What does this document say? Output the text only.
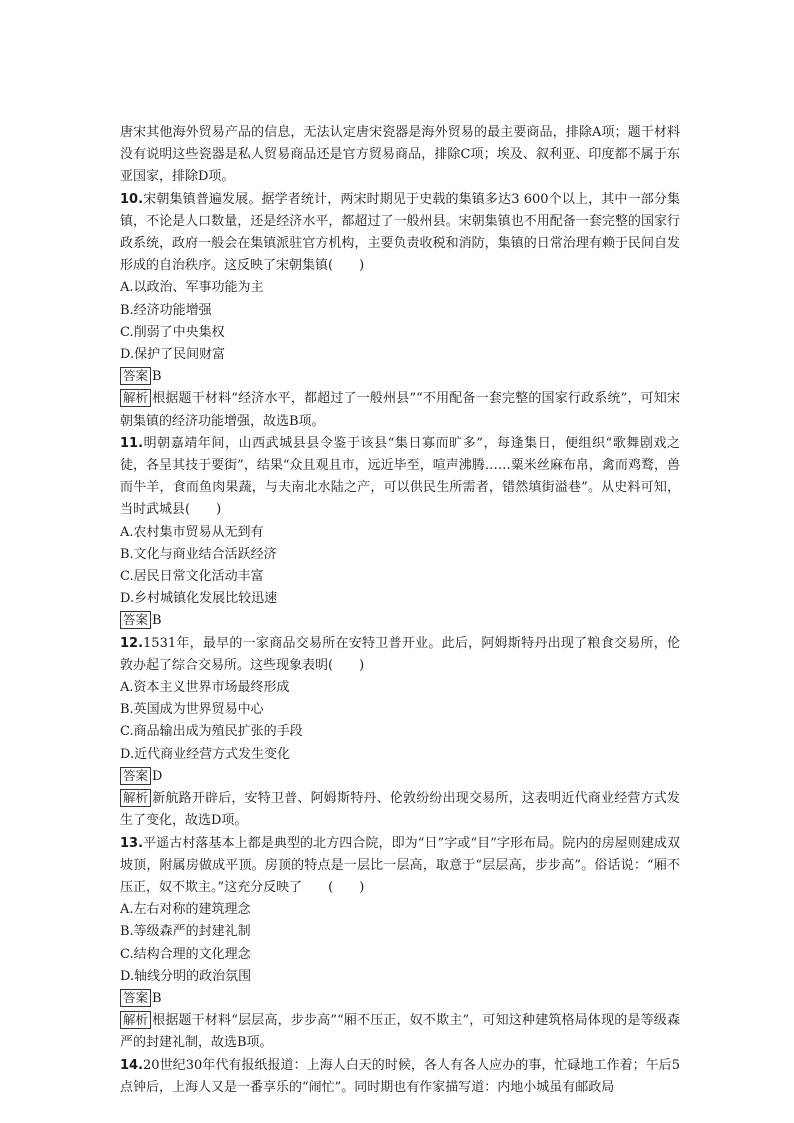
唐宋其他海外贸易产品的信息，无法认定唐宋瓷器是海外贸易的最主要商品，排除A项；题干材料没有说明这些瓷器是私人贸易商品还是官方贸易商品，排除C项；埃及、叙利亚、印度都不属于东亚国家，排除D项。

10.宋朝集镇普遍发展。据学者统计，两宋时期见于史载的集镇多达3 600个以上，其中一部分集镇，不论是人口数量，还是经济水平，都超过了一般州县。宋朝集镇也不用配备一套完整的国家行政系统，政府一般会在集镇派驻官方机构，主要负责收税和消防，集镇的日常治理有赖于民间自发形成的自治秩序。这反映了宋朝集镇(　　)

A.以政治、军事功能为主

B.经济功能增强

C.削弱了中央集权

D.保护了民间财富

答案 B

解析 根据题干材料“经济水平，都超过了一般州县”“不用配备一套完整的国家行政系统”，可知宋朝集镇的经济功能增强，故选B项。

11.明朝嘉靖年间，山西武城县县令鉴于该县“集日寡而旷多”，每逢集日，便组织“歌舞剧戏之徒，各呈其技于要街”，结果“众且观且市，远近毕至，喧声沸腾……粟米丝麻布帛，禽而鸡鹜，兽而牛羊，食而鱼肉果蔬，与夫南北水陆之产，可以供民生所需者，错然填街溢巷”。从史料可知，当时武城县(　　)

A.农村集市贸易从无到有

B.文化与商业结合活跃经济

C.居民日常文化活动丰富

D.乡村城镇化发展比较迅速

答案 B

12.1531年，最早的一家商品交易所在安特卫普开业。此后，阿姆斯特丹出现了粮食交易所，伦敦办起了综合交易所。这些现象表明(　　)

A.资本主义世界市场最终形成

B.英国成为世界贸易中心

C.商品输出成为殖民扩张的手段

D.近代商业经营方式发生变化

答案 D

解析 新航路开辟后，安特卫普、阿姆斯特丹、伦敦纷纷出现交易所，这表明近代商业经营方式发生了变化，故选D项。

13.平遥古村落基本上都是典型的北方四合院，即为“日”字或“目”字形布局。院内的房屋则建成双坡顶，附属房做成平顶。房顶的特点是一层比一层高，取意于“层层高，步步高”。俗话说：“厢不压正，奴不欺主。”这充分反映了　　(　　)

A.左右对称的建筑理念

B.等级森严的封建礼制

C.结构合理的文化理念

D.轴线分明的政治氛围

答案 B

解析 根据题干材料“层层高，步步高”“厢不压正，奴不欺主”，可知这种建筑格局体现的是等级森严的封建礼制，故选B项。

14.20世纪30年代有报纸报道：上海人白天的时候，各人有各人应办的事，忙碌地工作着；午后5点钟后，上海人又是一番享乐的“闹忙”。同时期也有作家描写道：内地小城虽有邮政局
